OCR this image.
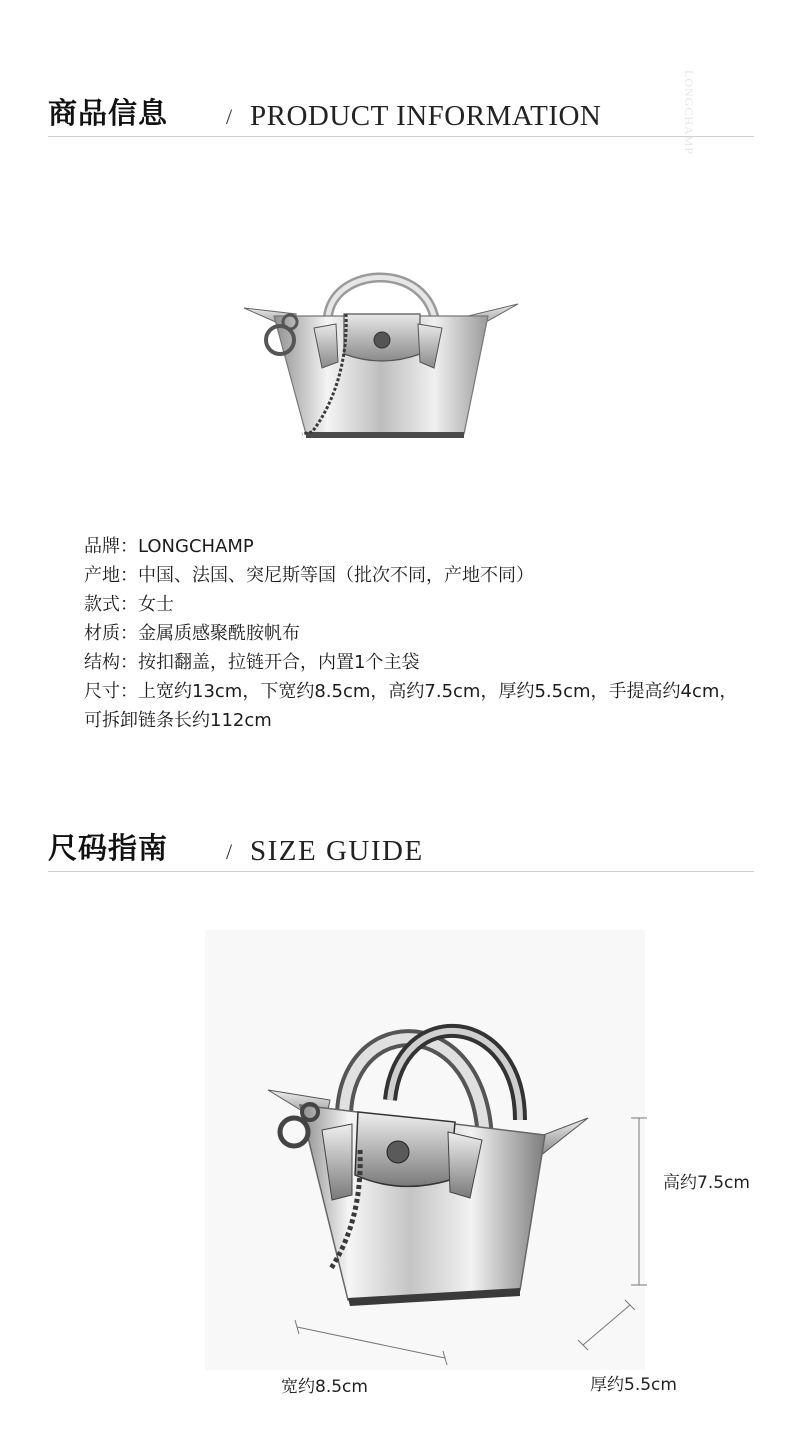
商品信息	/ PRODUCT INFORMATION	LONGCHAMP
品牌：LONGCHAMP
产地：中国、法国、突尼斯等国（批次不同，产地不同）
款式：女士
材质：金属质感聚酰胺帆布
结构：按扣翻盖，拉链开合，内置1个主袋
尺寸：上宽约13cm，下宽约8.5cm，高约7.5cm，厚约5.5cm，手提高约4cm，可拆卸链条长约112cm
尺码指南	/ SIZE GUIDE
高约7.5cm
宽约8.5cm	厚约5.5cm
